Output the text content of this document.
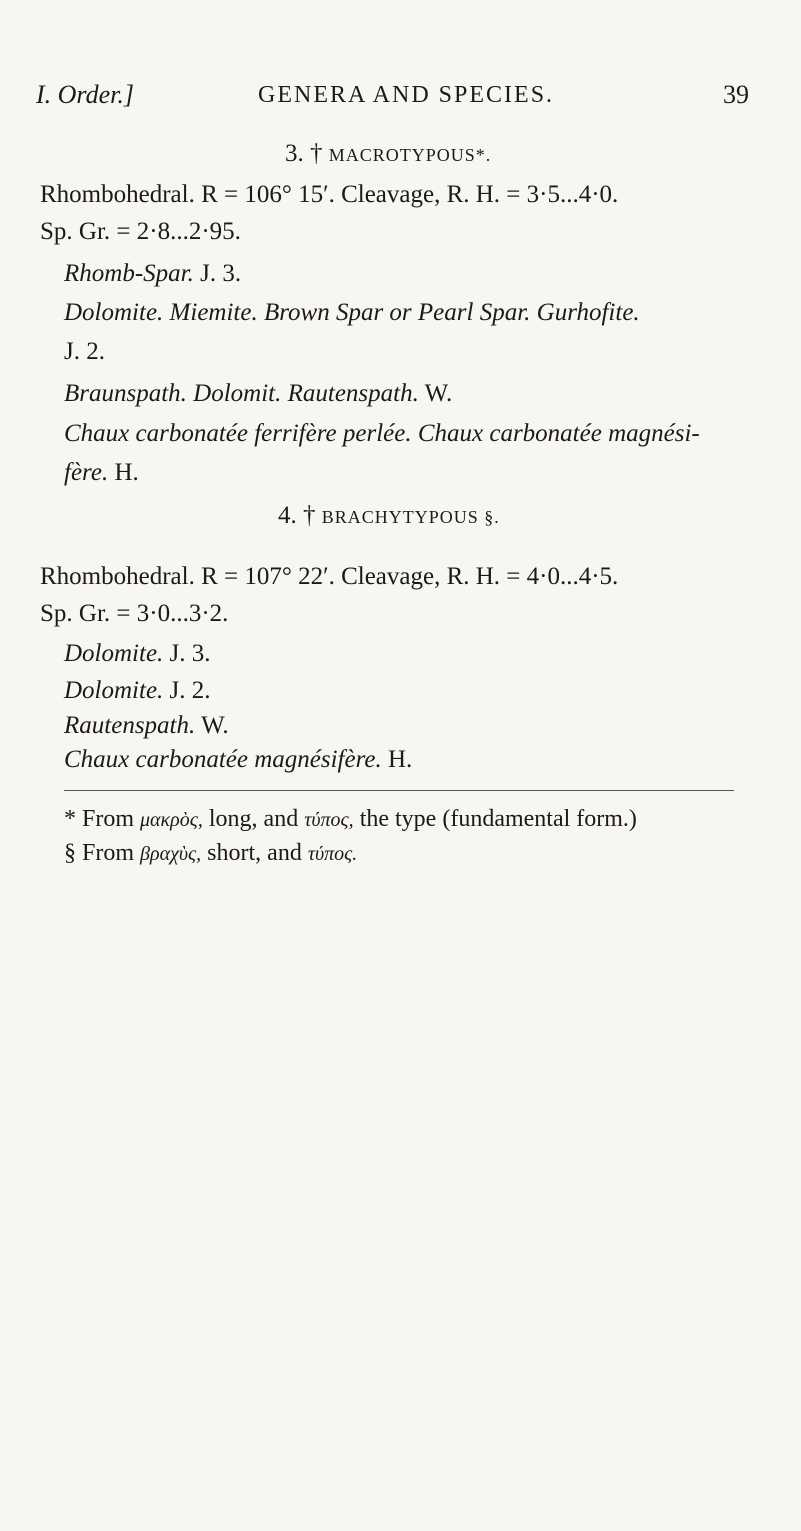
I. Order.]	GENERA AND SPECIES.	39
3. † MACROTYPOUS*.
Rhombohedral. R = 106° 15′. Cleavage, R. H. = 3·5...4·0.
Sp. Gr. = 2·8...2·95.
Rhomb-Spar. J. 3.
Dolomite. Miemite. Brown Spar or Pearl Spar. Gurhofite.
J. 2.
Braunspath. Dolomit. Rautenspath. W.
Chaux carbonatée ferrifère perlée. Chaux carbonatée magnési-
fère. H.
4. † BRACHYTYPOUS §.
Rhombohedral. R = 107° 22′. Cleavage, R. H. = 4·0...4·5.
Sp. Gr. = 3·0...3·2.
Dolomite. J. 3.
Dolomite. J. 2.
Rautenspath. W.
Chaux carbonatée magnésifère. H.
* From μακρὸς, long, and τύπος, the type (fundamental form.)
§ From βραχὺς, short, and τύπος.
